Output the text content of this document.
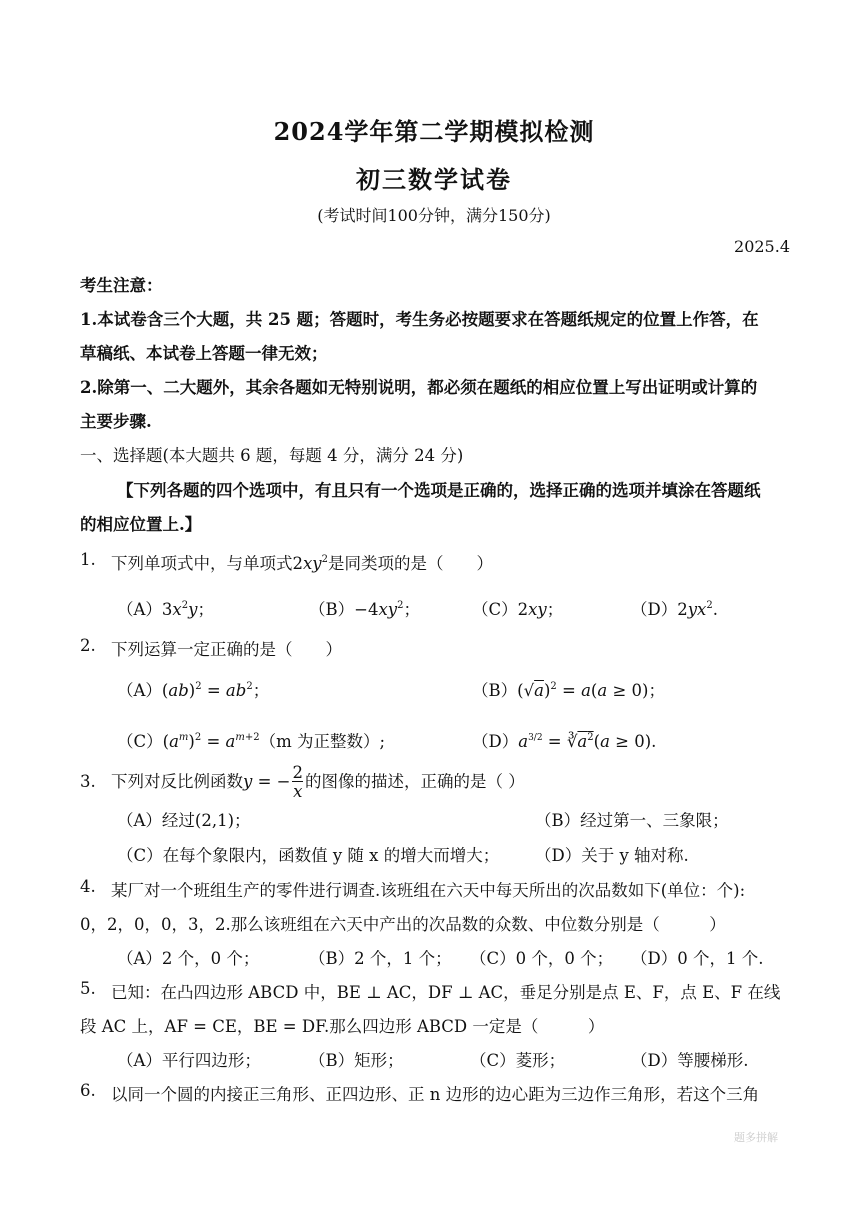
2024学年第二学期模拟检测
初三数学试卷
(考试时间100分钟，满分150分)
2025.4
考生注意：
1.本试卷含三个大题，共 25 题；答题时，考生务必按题要求在答题纸规定的位置上作答，在
草稿纸、本试卷上答题一律无效；
2.除第一、二大题外，其余各题如无特别说明，都必须在题纸的相应位置上写出证明或计算的
主要步骤.
一、选择题(本大题共 6 题，每题 4 分，满分 24 分)
【下列各题的四个选项中，有且只有一个选项是正确的，选择正确的选项并填涂在答题纸
的相应位置上.】
1. 下列单项式中，与单项式$2xy^2$是同类项的是（　　）
$(A)3x^2y$；	$(B)-4xy^2$；	（C）2xy；	$(D)2yx^2$.
2. 下列运算一定正确的是（　　）
$(A)(ab)^2 = ab^2$；	$(B)(√a)^2 = a(a \ge 0)$；
$(C)(a^m)^2 = a^{m+2}(m$ 为正整数）;	$(D)a^{3/2}$ = $∛a^2(a \ge 0)$.
3. 下列对反比例函数y = − $\frac{2}{x}$ 的图像的描述，正确的是（ ）
（A）经过(2,1)；	（B）经过第一、三象限；
（C）在每个象限内，函数值 y 随 x 的增大而增大； （D）关于 y 轴对称.
4. 某厂对一个班组生产的零件进行调查.该班组在六天中每天所出的次品数如下(单位：个):
0，2，0，0，3，2.那么该班组在六天中产出的次品数的众数、中位数分别是（　　　）
（A）2 个，0 个；	（B）2 个，1 个； （C）0 个，0 个； （D）0 个，1 个.
5. 已知：在凸四边形 ABCD 中，BE ⊥ AC，DF ⊥ AC，垂足分别是点 E、F，点 E、F 在线
段 AC 上，AF = CE，BE = DF.那么四边形 ABCD 一定是（　　　）
（A）平行四边形；	（B）矩形；	（C）菱形；	（D）等腰梯形.
6. 以同一个圆的内接正三角形、正四边形、正 n 边形的边心距为三边作三角形，若这个三角
题多拼解
